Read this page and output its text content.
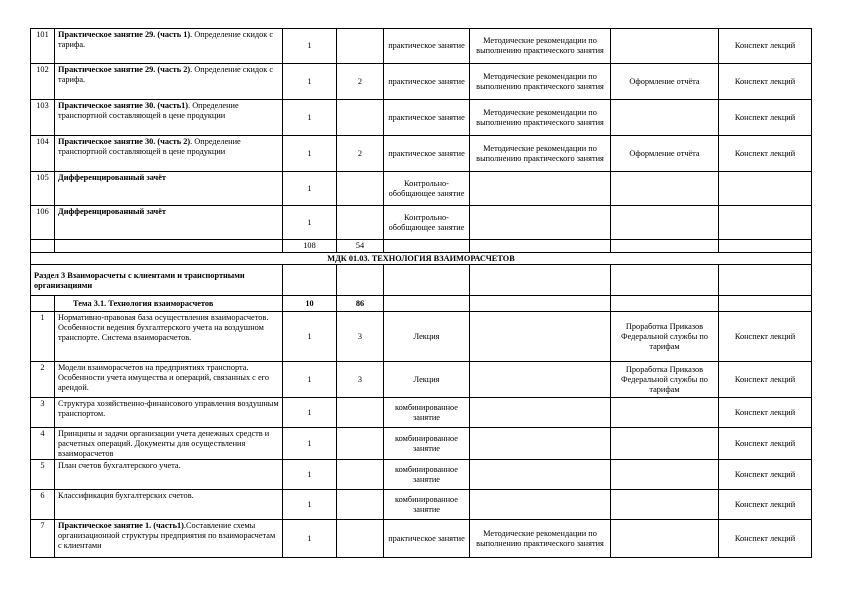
101	Практическое занятие 29. (часть 1). Определение скидок с тарифа.	1		практическое занятие	Методические рекомендации по выполнению практического занятия		Конспект лекций
102	Практическое занятие 29. (часть 2). Определение скидок с тарифа.	1	2	практическое занятие	Методические рекомендации по выполнению практического занятия	Оформление отчёта	Конспект лекций
103	Практическое занятие 30. (часть1). Определение транспортной составляющей в цене продукции	1		практическое занятие	Методические рекомендации по выполнению практического занятия		Конспект лекций
104	Практическое занятие 30. (часть 2). Определение транспортной составляющей в цене продукции	1	2	практическое занятие	Методические рекомендации по выполнению практического занятия	Оформление отчёта	Конспект лекций
105	Дифференцированный зачёт	1		Контрольно-обобщающее занятие			
106	Дифференцированный зачёт	1		Контрольно-обобщающее занятие			
		108	54				
МДК 01.03. ТЕХНОЛОГИЯ ВЗАИМОРАСЧЕТОВ							
Раздел 3 Взаиморасчеты с клиентами и транспортными организациями							
	Тема 3.1. Технология взаиморасчетов	10	86				
1	Нормативно-правовая база осуществления взаиморасчетов. Особенности ведения бухгалтерского учета на воздушном транспорте. Система взаиморасчетов.	1	3	Лекция		Проработка Приказов Федеральной службы по тарифам	Конспект лекций
2	Модели взаиморасчетов на предприятиях транспорта. Особенности учета имущества и операций, связанных с его арендой.	1	3	Лекция		Проработка Приказов Федеральной службы по тарифам	Конспект лекций
3	Структура хозяйственно-финансового управления воздушным транспортом.	1		комбинированное занятие			Конспект лекций
4	Принципы и задачи организации учета денежных средств и расчетных операций. Документы для осуществления взаиморасчетов	1		комбинированное занятие			Конспект лекций
5	План счетов бухгалтерского учета.	1		комбинированное занятие			Конспект лекций
6	Классификация бухгалтерских счетов.	1		комбинированное занятие			Конспект лекций
7	Практическое занятие 1. (часть1).Составление схемы организационной структуры предприятия по взаиморасчетам с клиентами	1		практическое занятие	Методические рекомендации по выполнению практического занятия		Конспект лекций
